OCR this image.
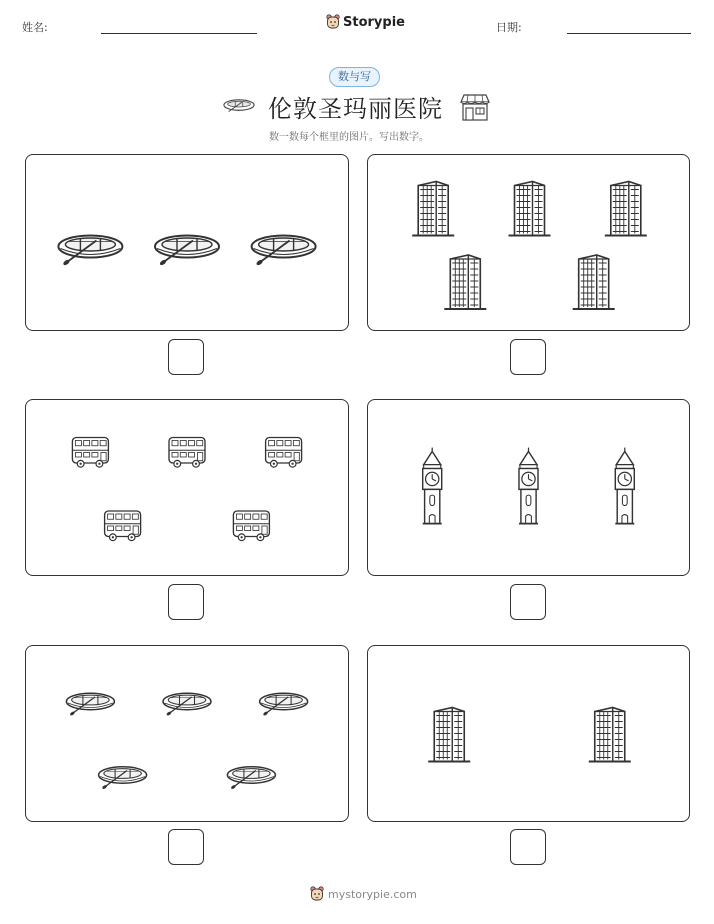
姓名:	Storypie	日期:
数与写
伦敦圣玛丽医院
数一数每个框里的图片。写出数字。
mystorypie.com
